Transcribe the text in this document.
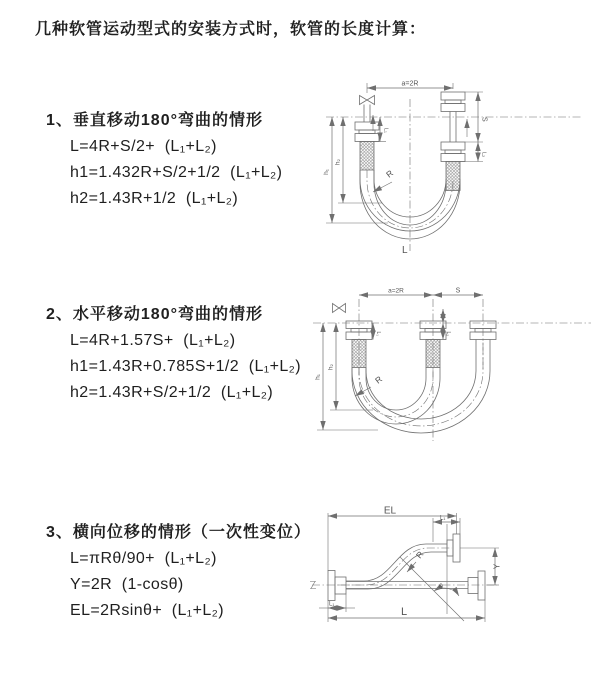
几种软管运动型式的安装方式时，软管的长度计算：
1、垂直移动180°弯曲的情形
L=4R+S/2+  (L₁+L₂)
h1=1.432R+S/2+1/2  (L₁+L₂)
h2=1.43R+1/2  (L₁+L₂)
2、水平移动180°弯曲的情形
L=4R+1.57S+  (L₁+L₂)
h1=1.43R+0.785S+1/2  (L₁+L₂)
h2=1.43R+S/2+1/2  (L₁+L₂)
3、横向位移的情形（一次性变位）
L=πRθ/90+  (L₁+L₂)
Y=2R  (1-cosθ)
EL=2Rsinθ+  (L₁+L₂)
a=2R
R
L
h₁
h₂
L₁
S
L₂
a=2R	S
h₁
h₂
L₁	L₂
R
EL
L₁
Y
L
L₁
R
θ
